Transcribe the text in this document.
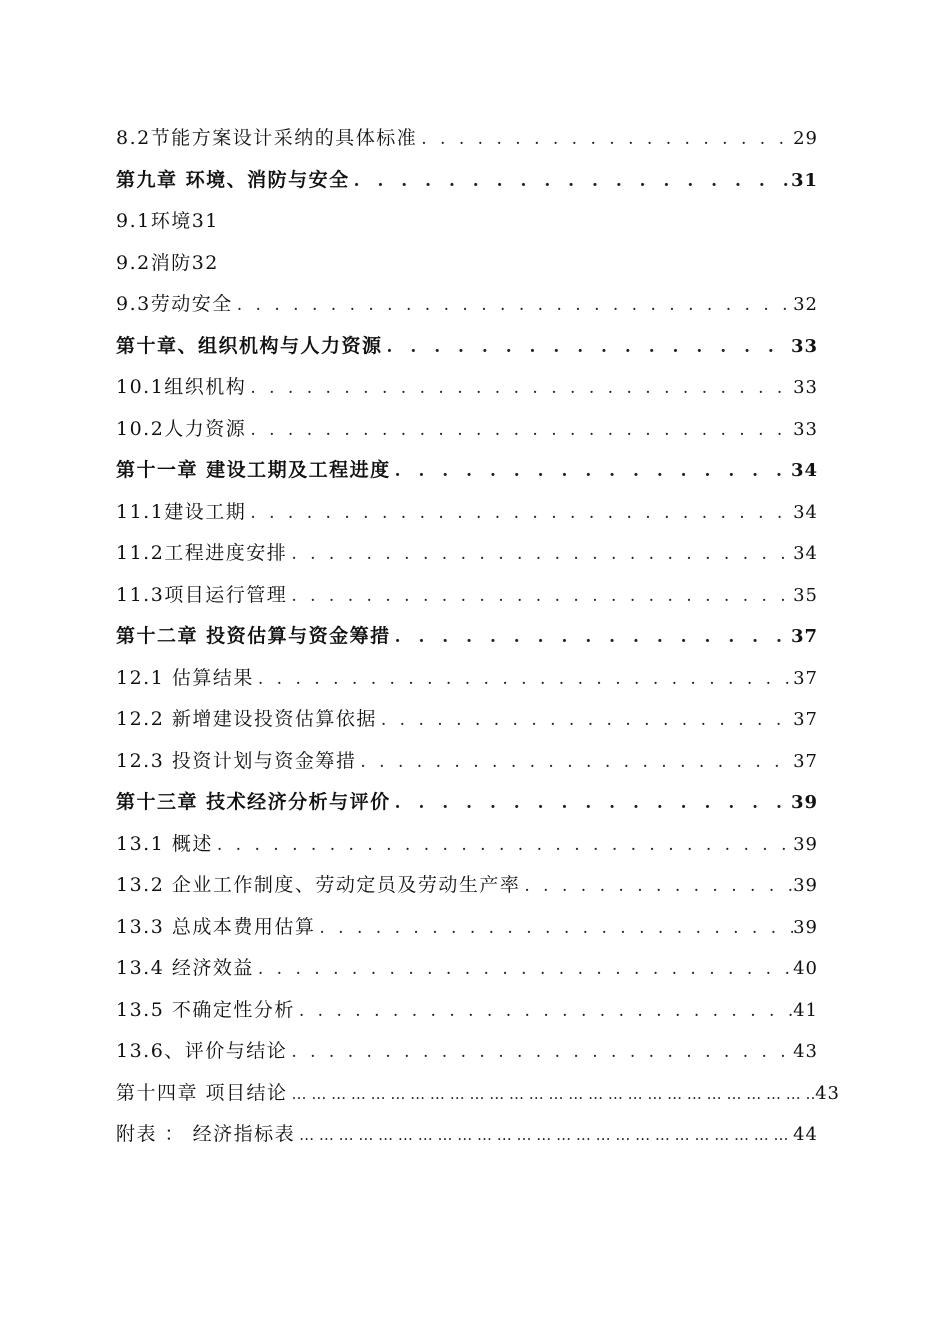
8.2节能方案设计采纳的具体标准 . . .	29
第九章 环境、消防与安全 . . .	31
9.1环境31
9.2消防32
9.3劳动安全 . . .	32
第十章、组织机构与人力资源 . . .	33
10.1组织机构 . . .	33
10.2人力资源 . . .	33
第十一章 建设工期及工程进度 . . .	34
11.1建设工期 . . .	34
11.2工程进度安排 . . .	34
11.3项目运行管理 . . .	35
第十二章 投资估算与资金筹措 . . .	37
12.1 估算结果 . . .	37
12.2 新增建设投资估算依据 . . .	37
12.3 投资计划与资金筹措 . . .	37
第十三章 技术经济分析与评价 . . .	39
13.1 概述 . . .	39
13.2 企业工作制度、劳动定员及劳动生产率 . . .	39
13.3 总成本费用估算 . . .	39
13.4 经济效益 . . .	40
13.5 不确定性分析 . . .	41
13.6、评价与结论 . . .	43
第十四章 项目结论 … … … … … … … … … … … … … … … … … … … … … … … … … … … … … … … … … … … … … … … … … … … … … … … …	43
附表 ： 经济指标表 … … … … … … … … … … … … … … … … … … … … … … … … … … … … … … … … … … … … … … … … … … … … … … … …	44
